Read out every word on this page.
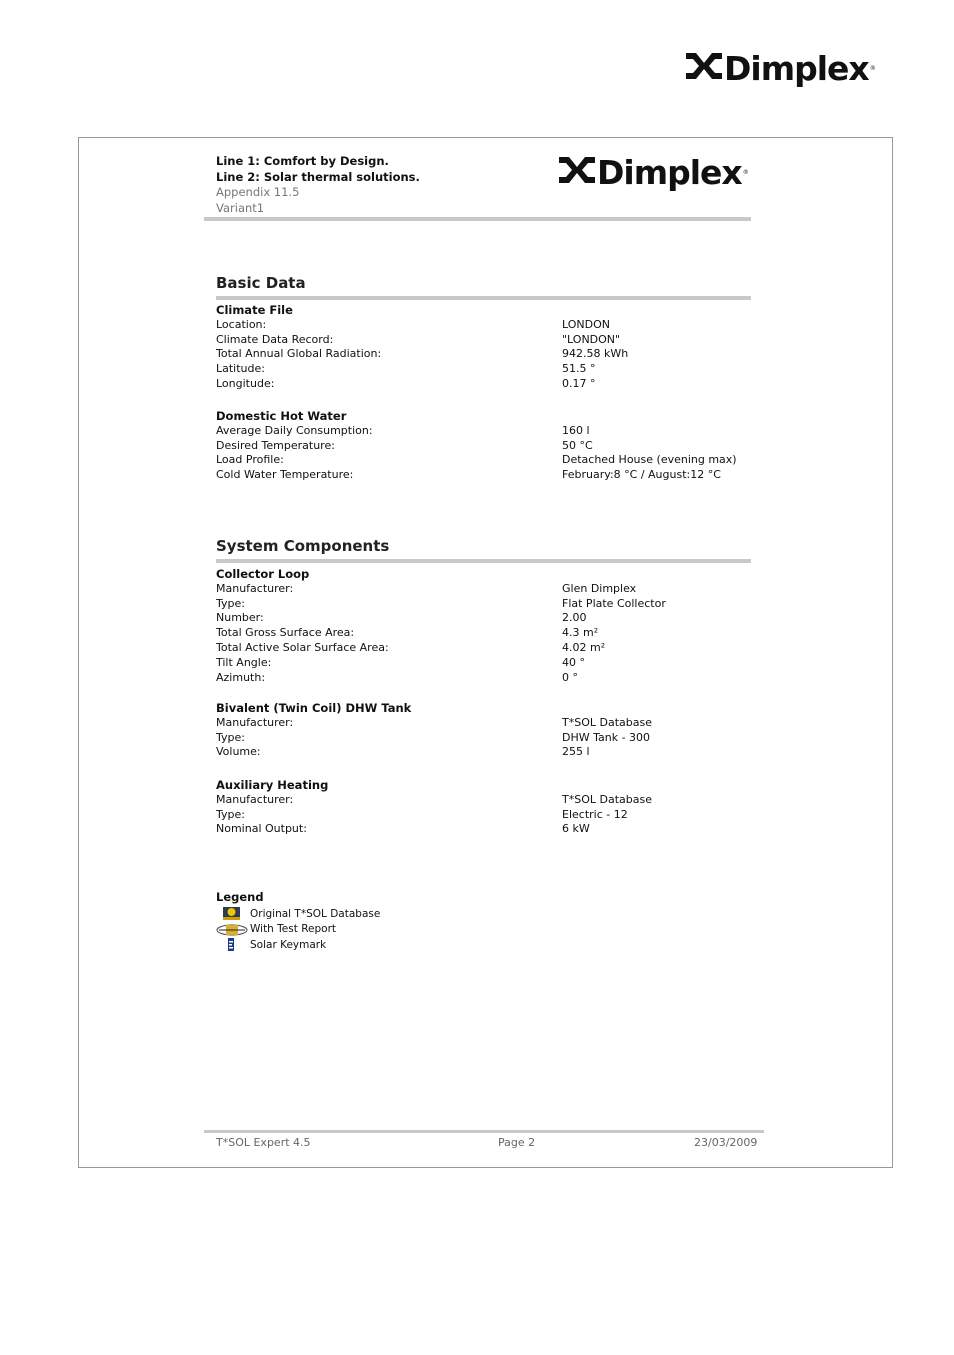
Dimplex ®
Line 1: Comfort by Design.
Line 2: Solar thermal solutions.
Appendix 11.5
Variant1
Dimplex ®
Basic Data
Climate File
Location:	LONDON
Climate Data Record:	"LONDON"
Total Annual Global Radiation:	942.58 kWh
Latitude:	51.5 °
Longitude:	0.17 °
Domestic Hot Water
Average Daily Consumption:	160 l
Desired Temperature:	50 °C
Load Profile:	Detached House (evening max)
Cold Water Temperature:	February:8 °C / August:12 °C
System Components
Collector Loop
Manufacturer:	Glen Dimplex
Type:	Flat Plate Collector
Number:	2.00
Total Gross Surface Area:	4.3 m²
Total Active Solar Surface Area:	4.02 m²
Tilt Angle:	40 °
Azimuth:	0 °
Bivalent (Twin Coil) DHW Tank
Manufacturer:	T*SOL Database
Type:	DHW Tank - 300
Volume:	255 l
Auxiliary Heating
Manufacturer:	T*SOL Database
Type:	Electric - 12
Nominal Output:	6 kW
Legend
Original T*SOL Database
With Test Report
Solar Keymark
T*SOL Expert 4.5	Page 2	23/03/2009
